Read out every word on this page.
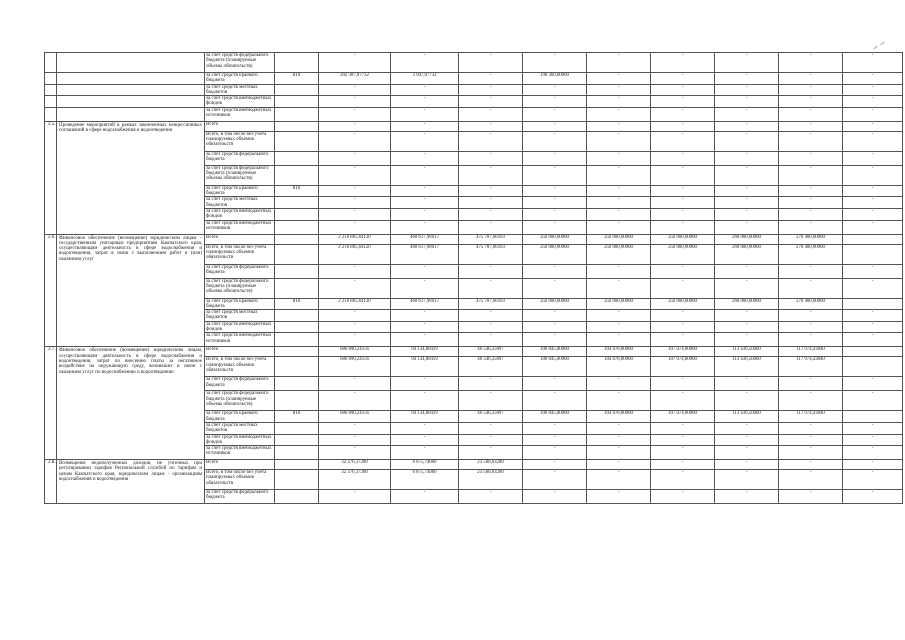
		за счет средств федерального бюджета (планируемые объемы обязательств)		-	-	-	-	-	-	-	-	-
		за счет средств краевого бюджета	810	202 307,87732	3 947,87732	-	198 360,00000	-	-	-	-	-
		за счет средств местных бюджетов		-	-	-	-	-	-	-	-	-
		за счет средств внебюджетных фондов		-	-	-	-	-	-	-	-	-
		за счет средств внебюджетных источников		-	-	-	-	-	-	-	-	-
2.5.	Проведение мероприятий в рамках законченных концессионных соглашений в сфере водоснабжения и водоотведения	Всего		-	-	-	-	-	-	-	-	-
		Всего, в том числе без учета планируемых объемов обязательств		-	-	-	-	-	-	-	-	-
		за счет средств федерального бюджета		-	-	-	-	-	-	-	-	-
		за счет средств федерального бюджета (планируемые объемы обязательств)		-	-	-	-	-	-	-	-	-
		за счет средств краевого бюджета	810	-	-	-	-	-	-	-	-	-
		за счет средств местных бюджетов		-	-	-	-	-	-	-	-	-
		за счет средств внебюджетных фондов		-	-	-	-	-	-	-	-	-
		за счет средств внебюджетных источников		-	-	-	-	-	-	-	-	-
2.6.	Финансовое обеспечение (возмещение) юридическим лицам – государственным унитарным предприятиям Камчатского края, осуществляющим деятельность в сфере водоснабжения и водоотведения, затрат в связи с выполнением работ и (или) оказанием услуг	Всего		2 216 805,64120	460 617,98017	475 787,66103	250 000,00000	250 000,00000	250 000,00000	260 000,00000	270 400,00000	
		Всего, в том числе без учета планируемых объемов обязательств		2 216 805,64120	460 617,98017	475 787,66103	250 000,00000	250 000,00000	250 000,00000	260 000,00000	270 400,00000	
		за счет средств федерального бюджета		-	-	-	-	-	-	-	-	-
		за счет средств федерального бюджета (планируемые объемы обязательств)		-	-	-	-	-	-	-	-	-
		за счет средств краевого бюджета	810	2 216 805,64120	460 617,98017	475 787,66103	250 000,00000	250 000,00000	250 000,00000	260 000,00000	270 400,00000	
		за счет средств местных бюджетов		-	-	-	-	-	-	-	-	-
		за счет средств внебюджетных фондов		-	-	-	-	-	-	-	-	-
		за счет средств внебюджетных источников		-	-	-	-	-	-	-	-	-
2.7.	Финансовое обеспечение (возмещение) юридическим лицам, осуществляющим деятельность в сфере водоснабжения и водоотведения, затрат по внесению платы за негативное воздействие на окружающую среду, возникших в связи с оказанием услуг по водоснабжению и водоотведению	Всего		686 890,24156	94 134,80419	46 546,25897	108 845,00000	104 878,80000	107 074,00000	113 436,56000	117 974,43840	
		Всего, в том числе без учета планируемых объемов обязательств		686 890,24156	94 134,80419	46 546,25897	108 845,00000	104 878,80000	107 074,00000	113 436,56000	117 974,43840	
		за счет средств федерального бюджета		-	-	-	-	-	-	-	-	-
		за счет средств федерального бюджета (планируемые объемы обязательств)		-	-	-	-	-	-	-	-	-
		за счет средств краевого бюджета	810	686 890,24156	94 134,80419	46 546,25897	108 845,00000	104 878,80000	107 074,00000	113 436,56000	117 974,43840	
		за счет средств местных бюджетов		-	-	-	-	-	-	-	-	-
		за счет средств внебюджетных фондов		-	-	-	-	-	-	-	-	-
		за счет средств внебюджетных источников		-	-	-	-	-	-	-	-	-
2.8.	Возмещение недополученных доходов, не учтенных при регулировании тарифов Региональной службой по тарифам и ценам Камчатского края, юридическим лицам - организациям водоснабжения и водоотведения	Всего		32 376,37200	8 875,74000	23 500,63200	-	-	-	-	-	-
		Всего, в том числе без учета планируемых объемов обязательств		32 376,37200	8 875,74000	23 500,63200	-	-	-	-	-	-
		за счет средств федерального бюджета		-	-	-	-	-	-	-	-	-
